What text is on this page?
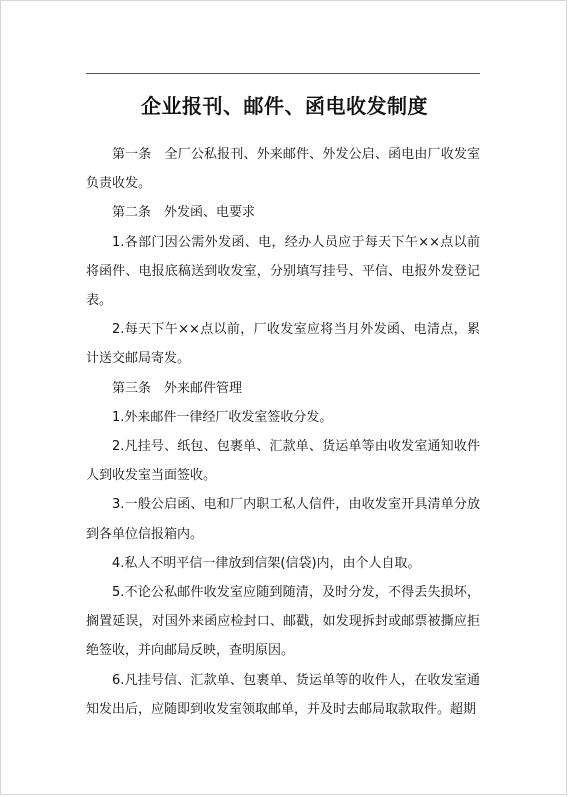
企业报刊、邮件、函电收发制度

第一条　全厂公私报刊、外来邮件、外发公启、函电由厂收发室负责收发。

第二条　外发函、电要求

1.各部门因公需外发函、电，经办人员应于每天下午××点以前将函件、电报底稿送到收发室，分别填写挂号、平信、电报外发登记表。

2.每天下午××点以前，厂收发室应将当月外发函、电清点，累计送交邮局寄发。

第三条　外来邮件管理

1.外来邮件一律经厂收发室签收分发。

2.凡挂号、纸包、包裹单、汇款单、货运单等由收发室通知收件人到收发室当面签收。

3.一般公启函、电和厂内职工私人信件，由收发室开具清单分放到各单位信报箱内。

4.私人不明平信一律放到信架(信袋)内，由个人自取。

5.不论公私邮件收发室应随到随清，及时分发，不得丢失损坏，搁置延误，对国外来函应检封口、邮戳，如发现拆封或邮票被撕应拒绝签收，并向邮局反映，查明原因。

6.凡挂号信、汇款单、包裹单、货运单等的收件人，在收发室通知发出后，应随即到收发室领取邮单，并及时去邮局取款取件。超期
